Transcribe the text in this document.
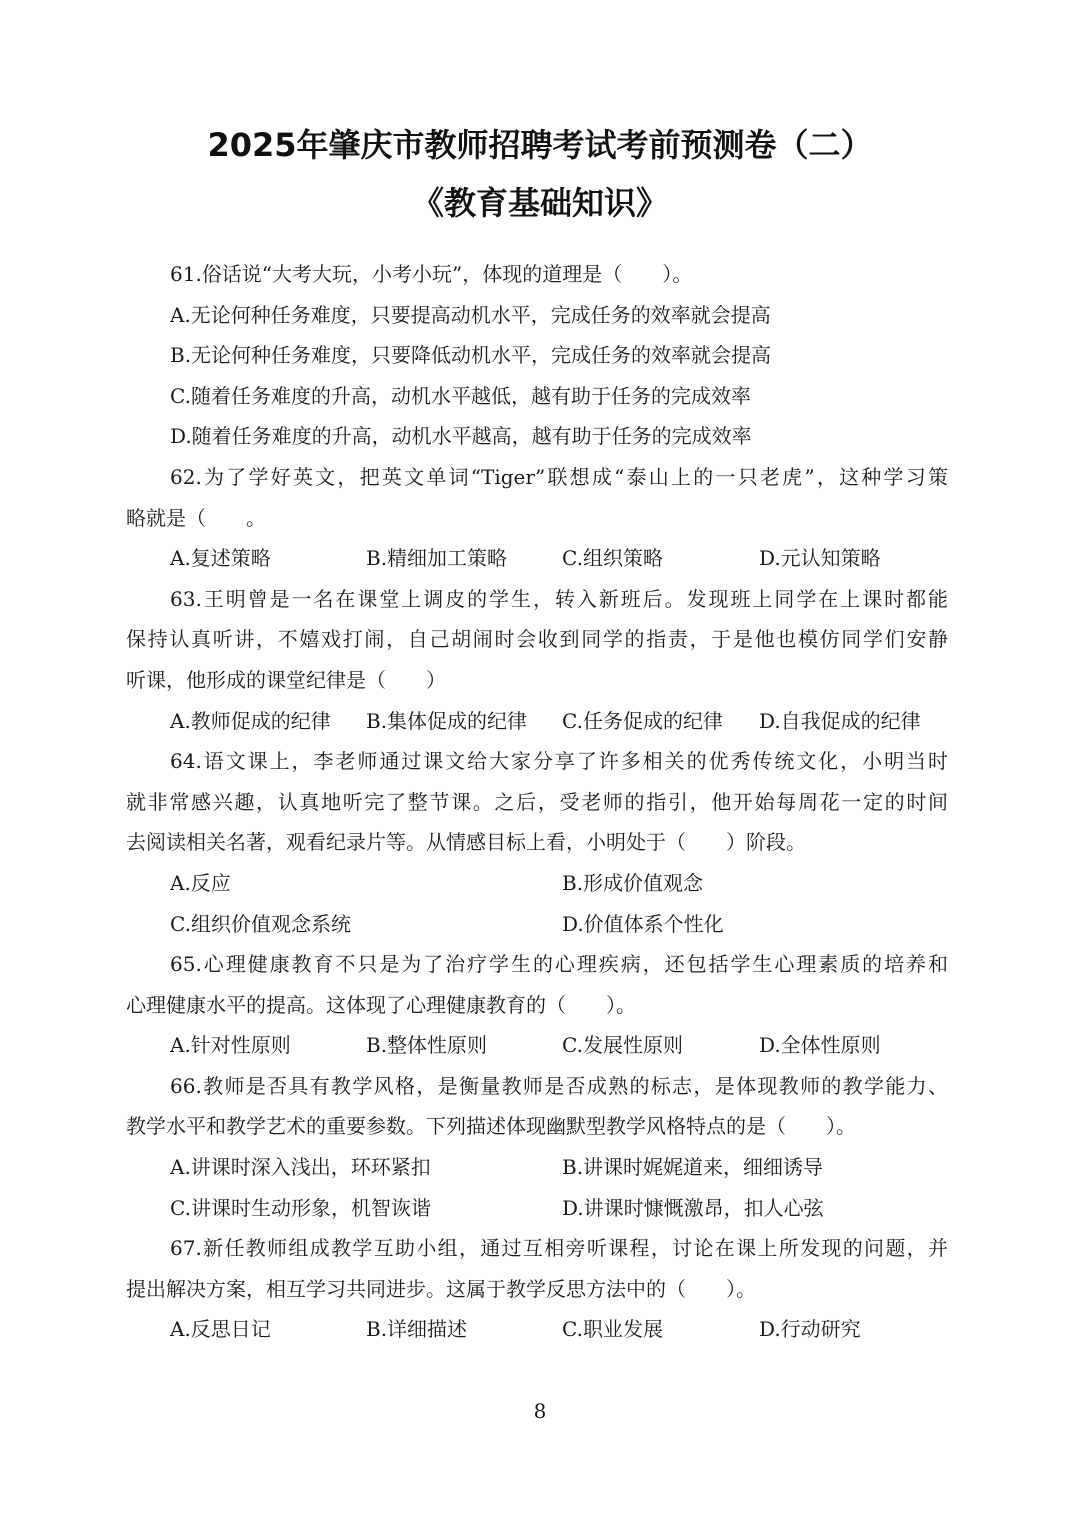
2025年肇庆市教师招聘考试考前预测卷（二）
《教育基础知识》
61.俗话说“大考大玩，小考小玩”，体现的道理是（　　）。
A.无论何种任务难度，只要提高动机水平，完成任务的效率就会提高
B.无论何种任务难度，只要降低动机水平，完成任务的效率就会提高
C.随着任务难度的升高，动机水平越低，越有助于任务的完成效率
D.随着任务难度的升高，动机水平越高，越有助于任务的完成效率
62.为了学好英文，把英文单词“Tiger”联想成“泰山上的一只老虎”，这种学习策
略就是（　　。
A.复述策略	B.精细加工策略	C.组织策略	D.元认知策略
63.王明曾是一名在课堂上调皮的学生，转入新班后。发现班上同学在上课时都能
保持认真听讲，不嬉戏打闹，自己胡闹时会收到同学的指责，于是他也模仿同学们安静
听课，他形成的课堂纪律是（　　）
A.教师促成的纪律	B.集体促成的纪律	C.任务促成的纪律	D.自我促成的纪律
64.语文课上，李老师通过课文给大家分享了许多相关的优秀传统文化，小明当时
就非常感兴趣，认真地听完了整节课。之后，受老师的指引，他开始每周花一定的时间
去阅读相关名著，观看纪录片等。从情感目标上看，小明处于（　　）阶段。
A.反应	B.形成价值观念
C.组织价值观念系统	D.价值体系个性化
65.心理健康教育不只是为了治疗学生的心理疾病，还包括学生心理素质的培养和
心理健康水平的提高。这体现了心理健康教育的（　　）。
A.针对性原则	B.整体性原则	C.发展性原则	D.全体性原则
66.教师是否具有教学风格，是衡量教师是否成熟的标志，是体现教师的教学能力、
教学水平和教学艺术的重要参数。下列描述体现幽默型教学风格特点的是（　　）。
A.讲课时深入浅出，环环紧扣	B.讲课时娓娓道来，细细诱导
C.讲课时生动形象，机智诙谐	D.讲课时慷慨激昂，扣人心弦
67.新任教师组成教学互助小组，通过互相旁听课程，讨论在课上所发现的问题，并
提出解决方案，相互学习共同进步。这属于教学反思方法中的（　　）。
A.反思日记	B.详细描述	C.职业发展	D.行动研究
8
